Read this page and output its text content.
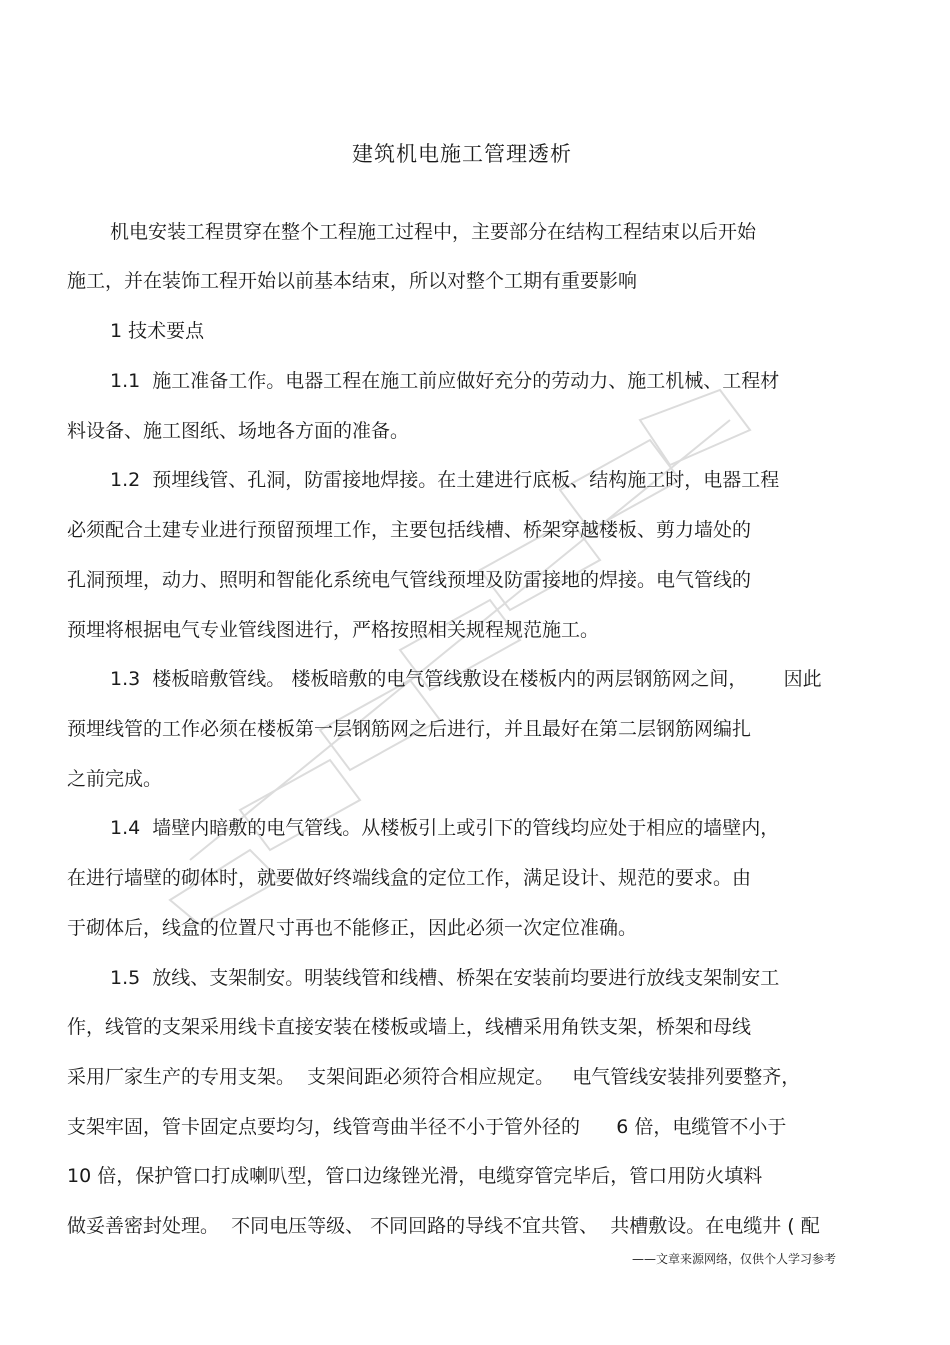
建筑机电施工管理透析
机电安装工程贯穿在整个工程施工过程中，主要部分在结构工程结束以后开始
施工，并在装饰工程开始以前基本结束，所以对整个工期有重要影响
1 技术要点
1.1  施工准备工作。电器工程在施工前应做好充分的劳动力、施工机械、工程材
料设备、施工图纸、场地各方面的准备。
1.2  预埋线管、孔洞，防雷接地焊接。在土建进行底板、结构施工时，电器工程
必须配合土建专业进行预留预埋工作，主要包括线槽、桥架穿越楼板、剪力墙处的
孔洞预埋，动力、照明和智能化系统电气管线预埋及防雷接地的焊接。电气管线的
预埋将根据电气专业管线图进行，严格按照相关规程规范施工。
1.3  楼板暗敷管线。 楼板暗敷的电气管线敷设在楼板内的两层钢筋网之间，      因此
预埋线管的工作必须在楼板第一层钢筋网之后进行，并且最好在第二层钢筋网编扎
之前完成。
1.4  墙壁内暗敷的电气管线。从楼板引上或引下的管线均应处于相应的墙壁内，
在进行墙壁的砌体时，就要做好终端线盒的定位工作，满足设计、规范的要求。由
于砌体后，线盒的位置尺寸再也不能修正，因此必须一次定位准确。
1.5  放线、支架制安。明装线管和线槽、桥架在安装前均要进行放线支架制安工
作，线管的支架采用线卡直接安装在楼板或墙上，线槽采用角铁支架，桥架和母线
采用厂家生产的专用支架。  支架间距必须符合相应规定。   电气管线安装排列要整齐，
支架牢固，管卡固定点要均匀，线管弯曲半径不小于管外径的      6 倍，电缆管不小于
10 倍，保护管口打成喇叭型，管口边缘锉光滑，电缆穿管完毕后，管口用防火填料
做妥善密封处理。  不同电压等级、 不同回路的导线不宜共管、  共槽敷设。在电缆井 ( 配
——文章来源网络，仅供个人学习参考
